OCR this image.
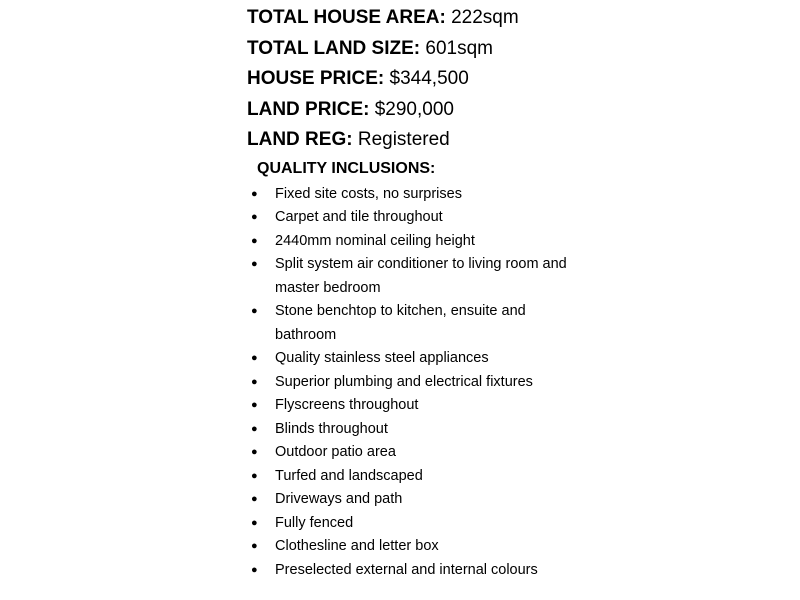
TOTAL HOUSE AREA: 222sqm
TOTAL LAND SIZE: 601sqm
HOUSE PRICE: $344,500
LAND PRICE: $290,000
LAND REG: Registered
QUALITY INCLUSIONS:
● Fixed site costs, no surprises
● Carpet and tile throughout
● 2440mm nominal ceiling height
● Split system air conditioner to living room and master bedroom
● Stone benchtop to kitchen, ensuite and bathroom
● Quality stainless steel appliances
● Superior plumbing and electrical fixtures
● Flyscreens throughout
● Blinds throughout
● Outdoor patio area
● Turfed and landscaped
● Driveways and path
● Fully fenced
● Clothesline and letter box
● Preselected external and internal colours
